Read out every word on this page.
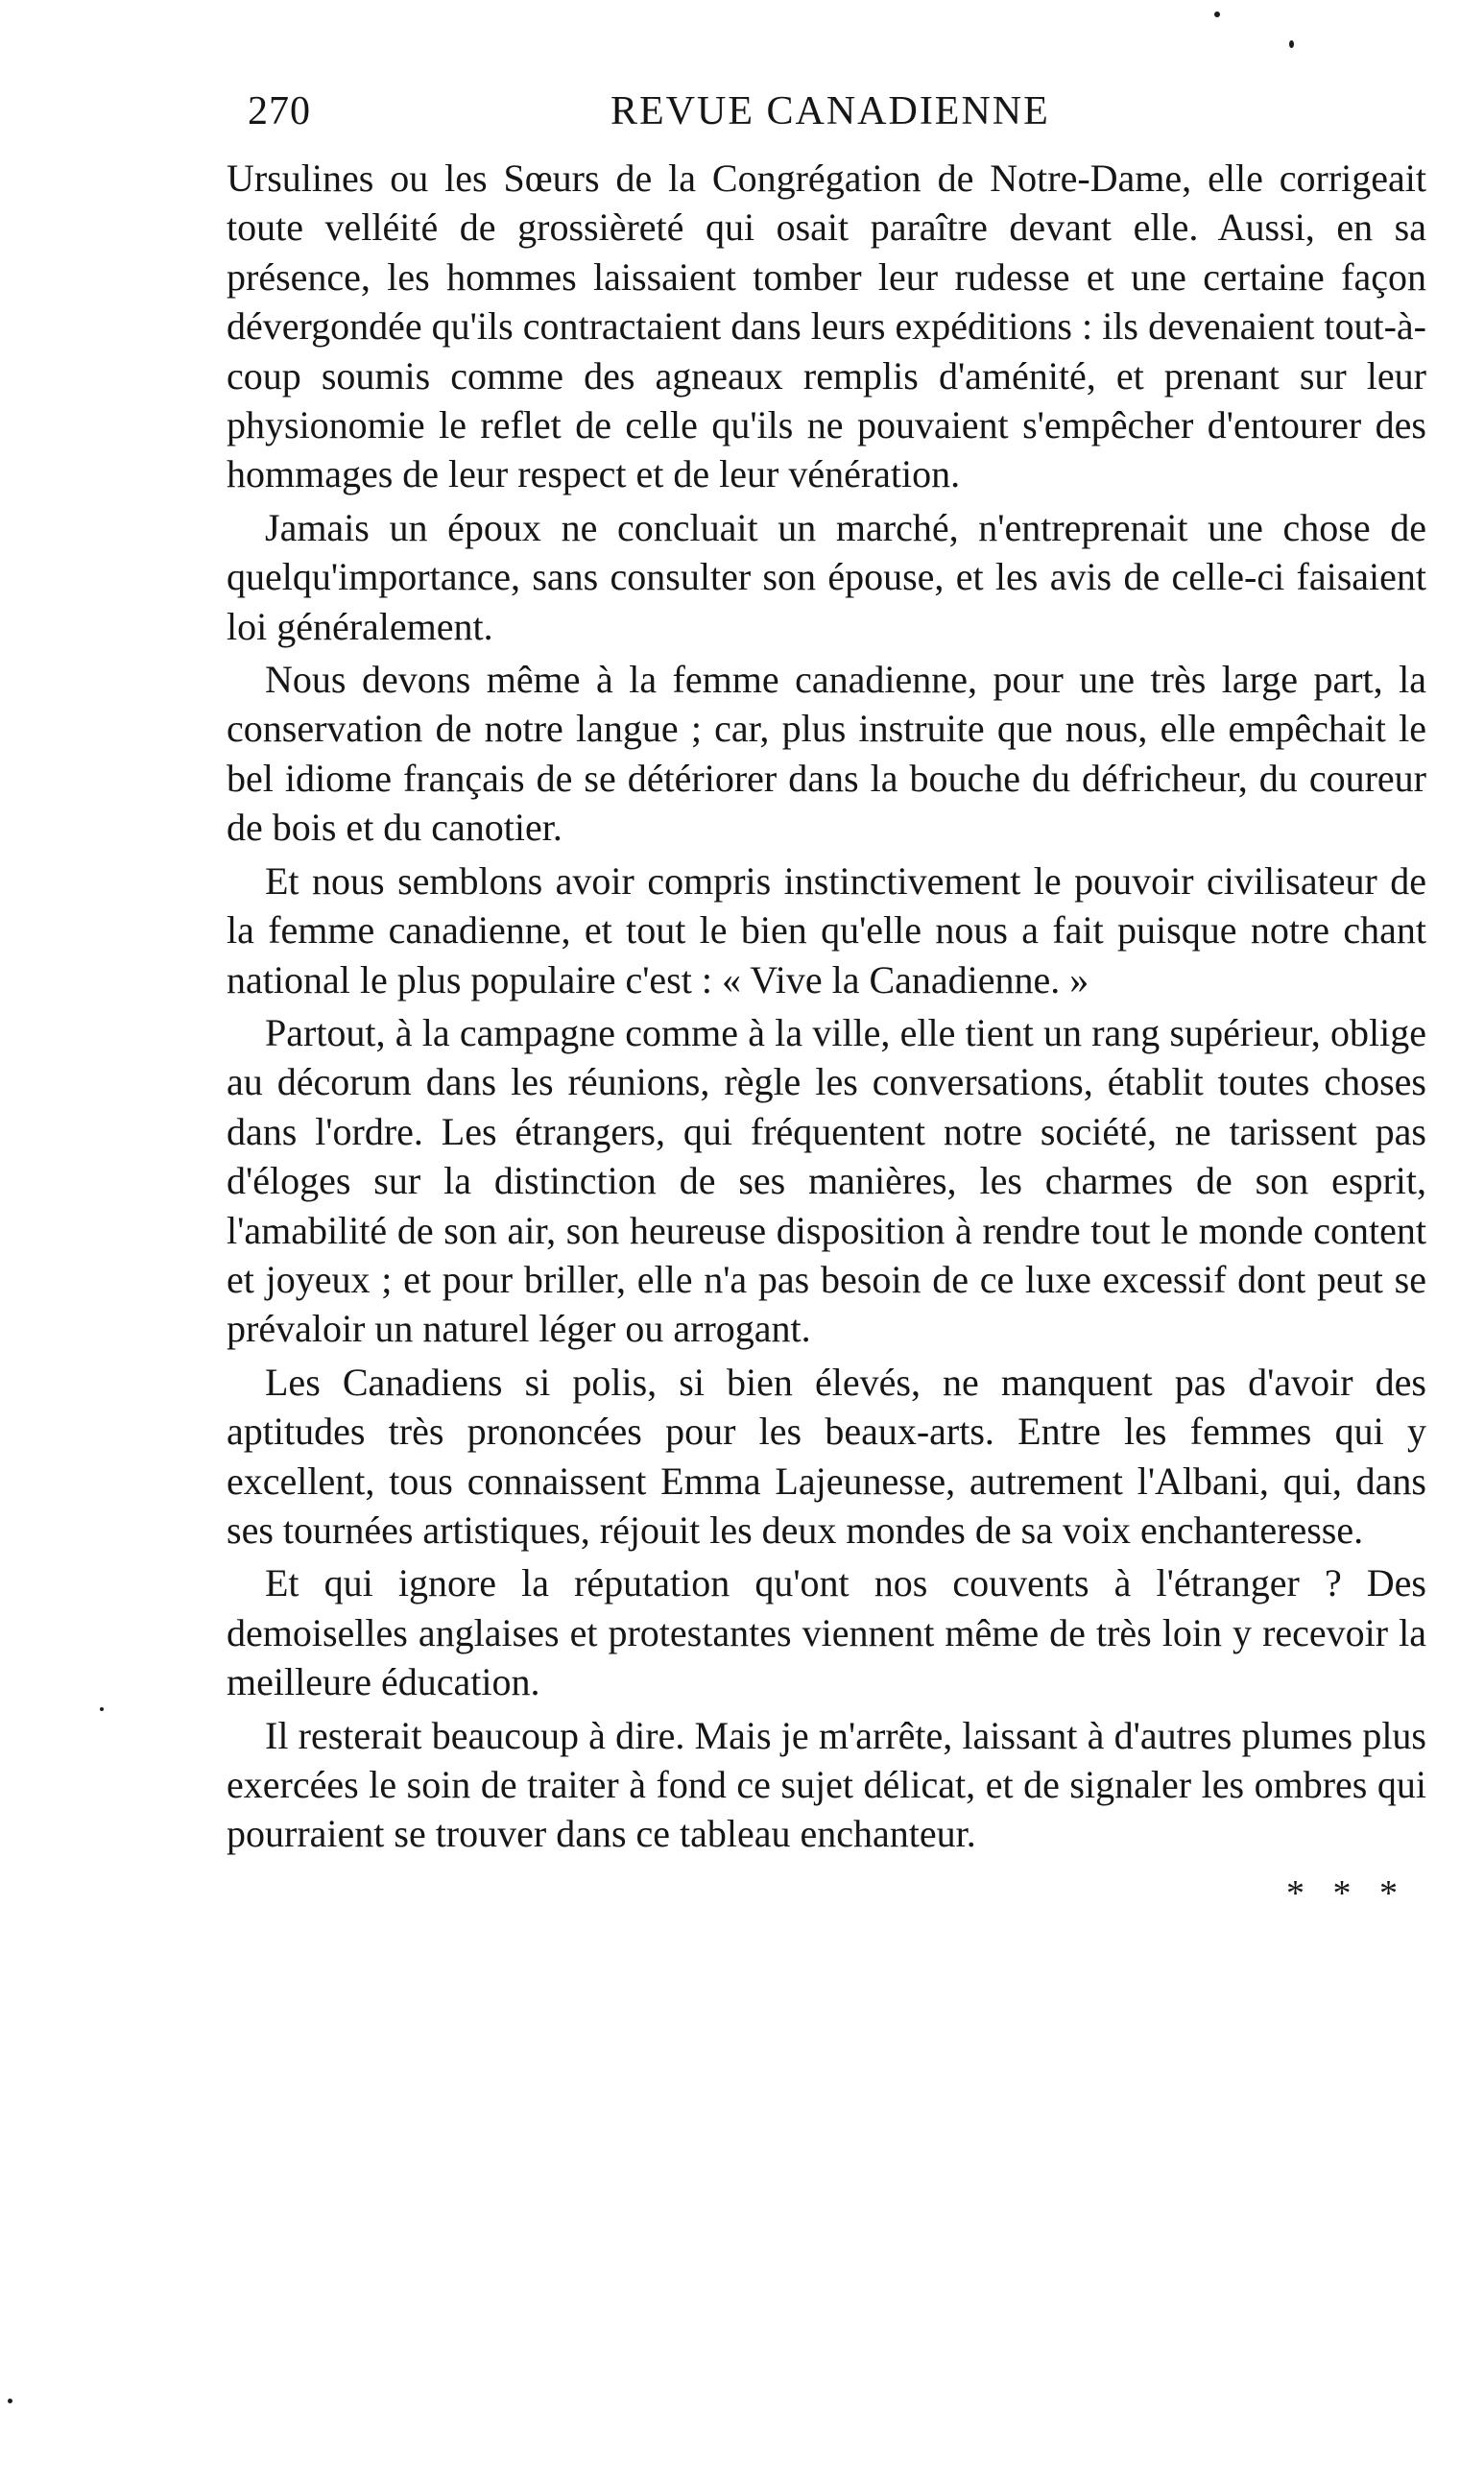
270	REVUE CANADIENNE

Ursulines ou les Sœurs de la Congrégation de Notre-Dame, elle corrigeait toute velléité de grossièreté qui osait paraître devant elle. Aussi, en sa présence, les hommes laissaient tomber leur rudesse et une certaine façon dévergondée qu'ils contractaient dans leurs expéditions : ils devenaient tout-à-coup soumis comme des agneaux remplis d'aménité, et prenant sur leur physionomie le reflet de celle qu'ils ne pouvaient s'empêcher d'entourer des hommages de leur respect et de leur vénération.

Jamais un époux ne concluait un marché, n'entreprenait une chose de quelqu'importance, sans consulter son épouse, et les avis de celle-ci faisaient loi généralement.

Nous devons même à la femme canadienne, pour une très large part, la conservation de notre langue ; car, plus instruite que nous, elle empêchait le bel idiome français de se détériorer dans la bouche du défricheur, du coureur de bois et du canotier.

Et nous semblons avoir compris instinctivement le pouvoir civilisateur de la femme canadienne, et tout le bien qu'elle nous a fait puisque notre chant national le plus populaire c'est : « Vive la Canadienne. »

Partout, à la campagne comme à la ville, elle tient un rang supérieur, oblige au décorum dans les réunions, règle les conversations, établit toutes choses dans l'ordre. Les étrangers, qui fréquentent notre société, ne tarissent pas d'éloges sur la distinction de ses manières, les charmes de son esprit, l'amabilité de son air, son heureuse disposition à rendre tout le monde content et joyeux ; et pour briller, elle n'a pas besoin de ce luxe excessif dont peut se prévaloir un naturel léger ou arrogant.

Les Canadiens si polis, si bien élevés, ne manquent pas d'avoir des aptitudes très prononcées pour les beaux-arts. Entre les femmes qui y excellent, tous connaissent Emma Lajeunesse, autrement l'Albani, qui, dans ses tournées artistiques, réjouit les deux mondes de sa voix enchanteresse.

Et qui ignore la réputation qu'ont nos couvents à l'étranger ? Des demoiselles anglaises et protestantes viennent même de très loin y recevoir la meilleure éducation.

Il resterait beaucoup à dire. Mais je m'arrête, laissant à d'autres plumes plus exercées le soin de traiter à fond ce sujet délicat, et de signaler les ombres qui pourraient se trouver dans ce tableau enchanteur.

* * *
